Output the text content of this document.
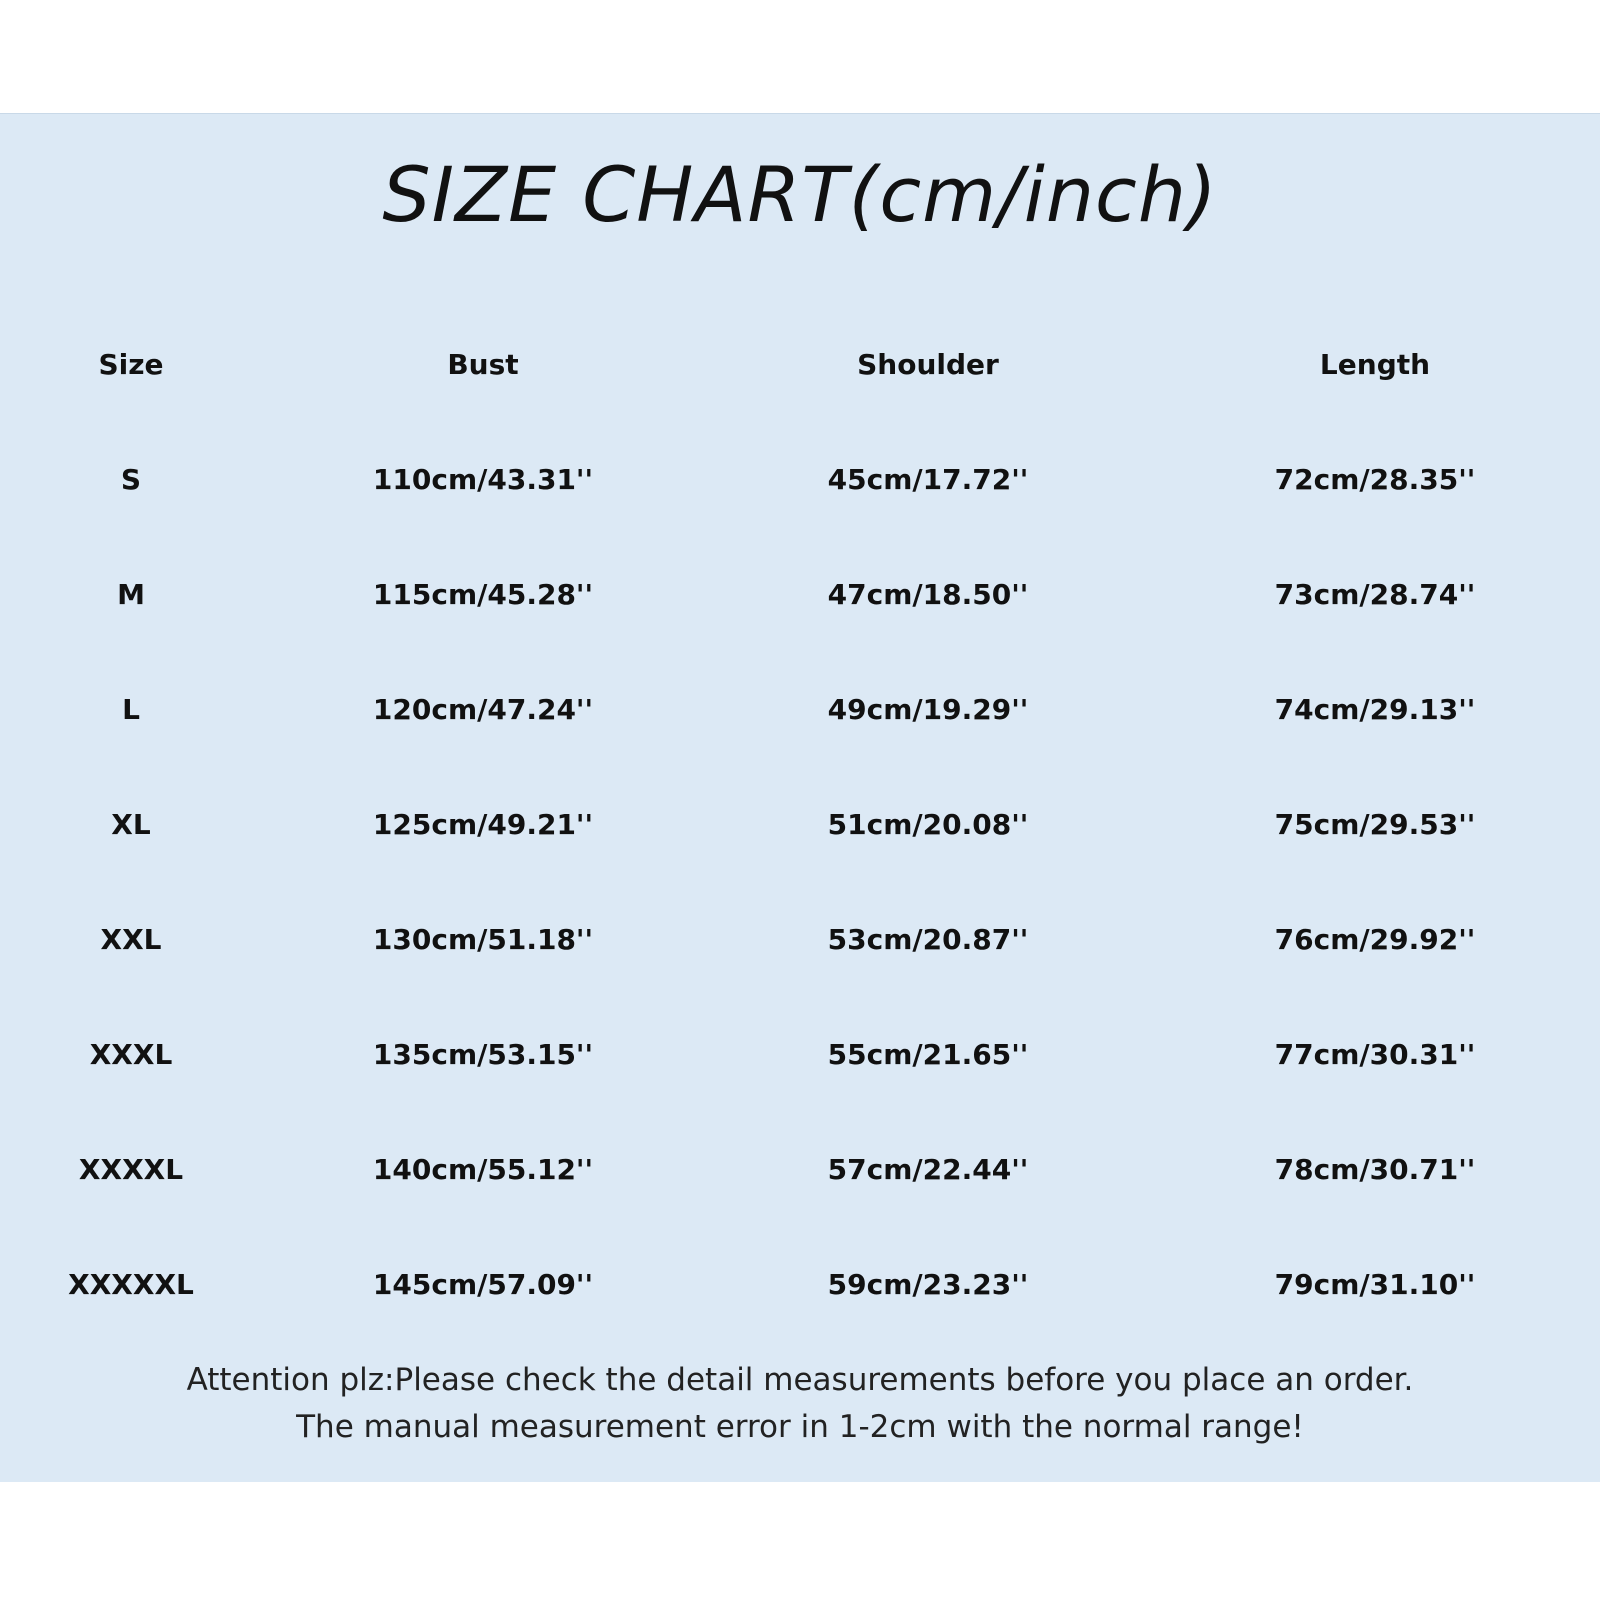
SIZE CHART(cm/inch)
Size	Bust	Shoulder	Length
S	110cm/43.31''	45cm/17.72''	72cm/28.35''
M	115cm/45.28''	47cm/18.50''	73cm/28.74''
L	120cm/47.24''	49cm/19.29''	74cm/29.13''
XL	125cm/49.21''	51cm/20.08''	75cm/29.53''
XXL	130cm/51.18''	53cm/20.87''	76cm/29.92''
XXXL	135cm/53.15''	55cm/21.65''	77cm/30.31''
XXXXL	140cm/55.12''	57cm/22.44''	78cm/30.71''
XXXXXL	145cm/57.09''	59cm/23.23''	79cm/31.10''
Attention plz:Please check the detail measurements before you place an order.
The manual measurement error in 1-2cm with the normal range!
